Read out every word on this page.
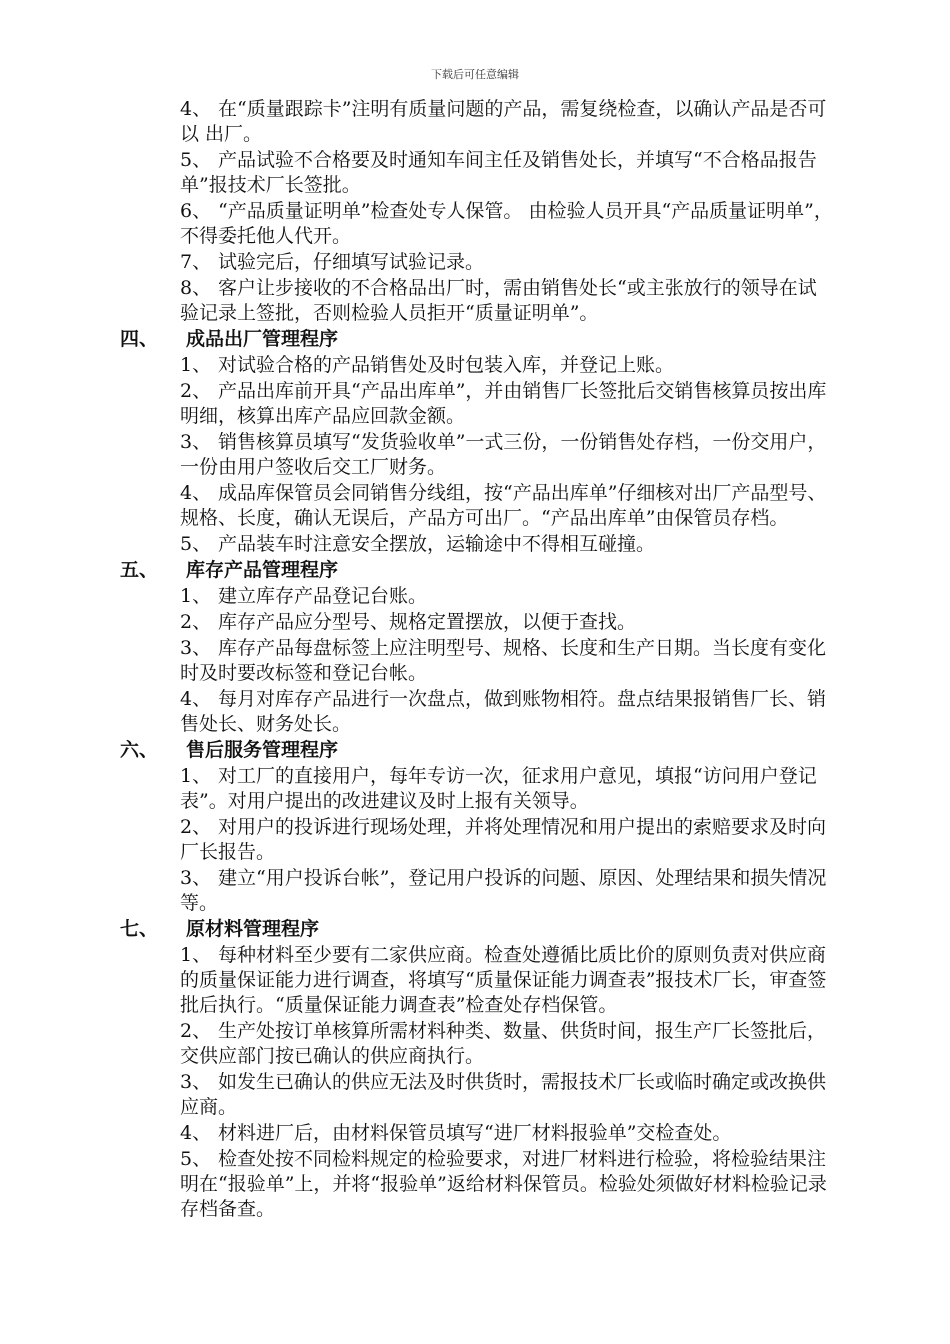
下载后可任意编辑
4、 在“质量跟踪卡”注明有质量问题的产品，需复绕检查，以确认产品是否可以 出厂。
5、 产品试验不合格要及时通知车间主任及销售处长，并填写“不合格品报告单”报技术厂长签批。
6、 “产品质量证明单”检查处专人保管。 由检验人员开具“产品质量证明单”，不得委托他人代开。
7、 试验完后，仔细填写试验记录。
8、 客户让步接收的不合格品出厂时，需由销售处长“或主张放行的领导在试验记录上签批，否则检验人员拒开“质量证明单”。
四、 成品出厂管理程序
1、 对试验合格的产品销售处及时包装入库，并登记上账。
2、 产品出库前开具“产品出库单”，并由销售厂长签批后交销售核算员按出库明细，核算出库产品应回款金额。
3、 销售核算员填写“发货验收单”一式三份，一份销售处存档，一份交用户，一份由用户签收后交工厂财务。
4、 成品库保管员会同销售分线组，按“产品出库单”仔细核对出厂产品型号、规格、长度，确认无误后，产品方可出厂。“产品出库单”由保管员存档。
5、 产品装车时注意安全摆放，运输途中不得相互碰撞。
五、 库存产品管理程序
1、 建立库存产品登记台账。
2、 库存产品应分型号、规格定置摆放，以便于查找。
3、 库存产品每盘标签上应注明型号、规格、长度和生产日期。当长度有变化时及时要改标签和登记台帐。
4、 每月对库存产品进行一次盘点，做到账物相符。盘点结果报销售厂长、销售处长、财务处长。
六、 售后服务管理程序
1、 对工厂的直接用户，每年专访一次，征求用户意见，填报“访问用户登记表”。对用户提出的改进建议及时上报有关领导。
2、 对用户的投诉进行现场处理，并将处理情况和用户提出的索赔要求及时向厂长报告。
3、 建立“用户投诉台帐”，登记用户投诉的问题、原因、处理结果和损失情况等。
七、 原材料管理程序
1、 每种材料至少要有二家供应商。检查处遵循比质比价的原则负责对供应商的质量保证能力进行调查，将填写“质量保证能力调查表”报技术厂长，审查签批后执行。“质量保证能力调查表”检查处存档保管。
2、 生产处按订单核算所需材料种类、数量、供货时间，报生产厂长签批后，交供应部门按已确认的供应商执行。
3、 如发生已确认的供应无法及时供货时，需报技术厂长或临时确定或改换供应商。
4、 材料进厂后，由材料保管员填写“进厂材料报验单”交检查处。
5、 检查处按不同检料规定的检验要求，对进厂材料进行检验，将检验结果注明在“报验单”上，并将“报验单”返给材料保管员。检验处须做好材料检验记录存档备查。
